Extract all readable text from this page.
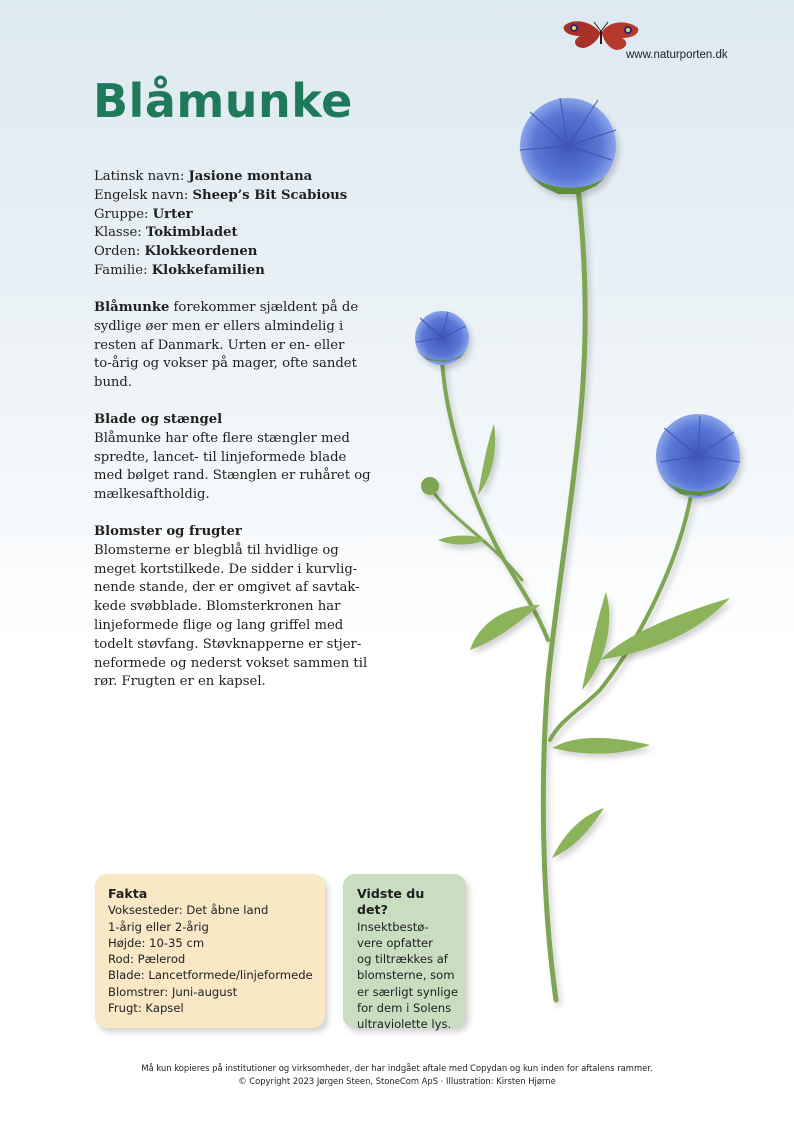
www.naturporten.dk
Blåmunke
Latinsk navn: Jasione montana
Engelsk navn: Sheep’s Bit Scabious
Gruppe: Urter
Klasse: Tokimbladet
Orden: Klokkeordenen
Familie: Klokkefamilien
Blåmunke forekommer sjældent på de
sydlige øer men er ellers almindelig i
resten af Danmark. Urten er en- eller
to-årig og vokser på mager, ofte sandet
bund.
Blade og stængel
Blåmunke har ofte flere stængler med
spredte, lancet- til linjeformede blade
med bølget rand. Stænglen er ruhåret og
mælkesaftholdig.
Blomster og frugter
Blomsterne er blegblå til hvidlige og
meget kortstilkede. De sidder i kurvlig-
nende stande, der er omgivet af savtak-
kede svøbblade. Blomsterkronen har
linjeformede flige og lang griffel med
todelt støvfang. Støvknapperne er stjer-
neformede og nederst vokset sammen til
rør. Frugten er en kapsel.
Fakta
Voksesteder: Det åbne land
1-årig eller 2-årig
Højde: 10-35 cm
Rod: Pælerod
Blade: Lancetformede/linjeformede
Blomstrer: Juni-august
Frugt: Kapsel
Vidste du det?
Insektbestø-
vere opfatter
og tiltrækkes af
blomsterne, som
er særligt synlige
for dem i Solens
ultraviolette lys.
Må kun kopieres på institutioner og virksomheder, der har indgået aftale med Copydan og kun inden for aftalens rammer.
© Copyright 2023 Jørgen Steen, StoneCom ApS · Illustration: Kirsten Hjørne
